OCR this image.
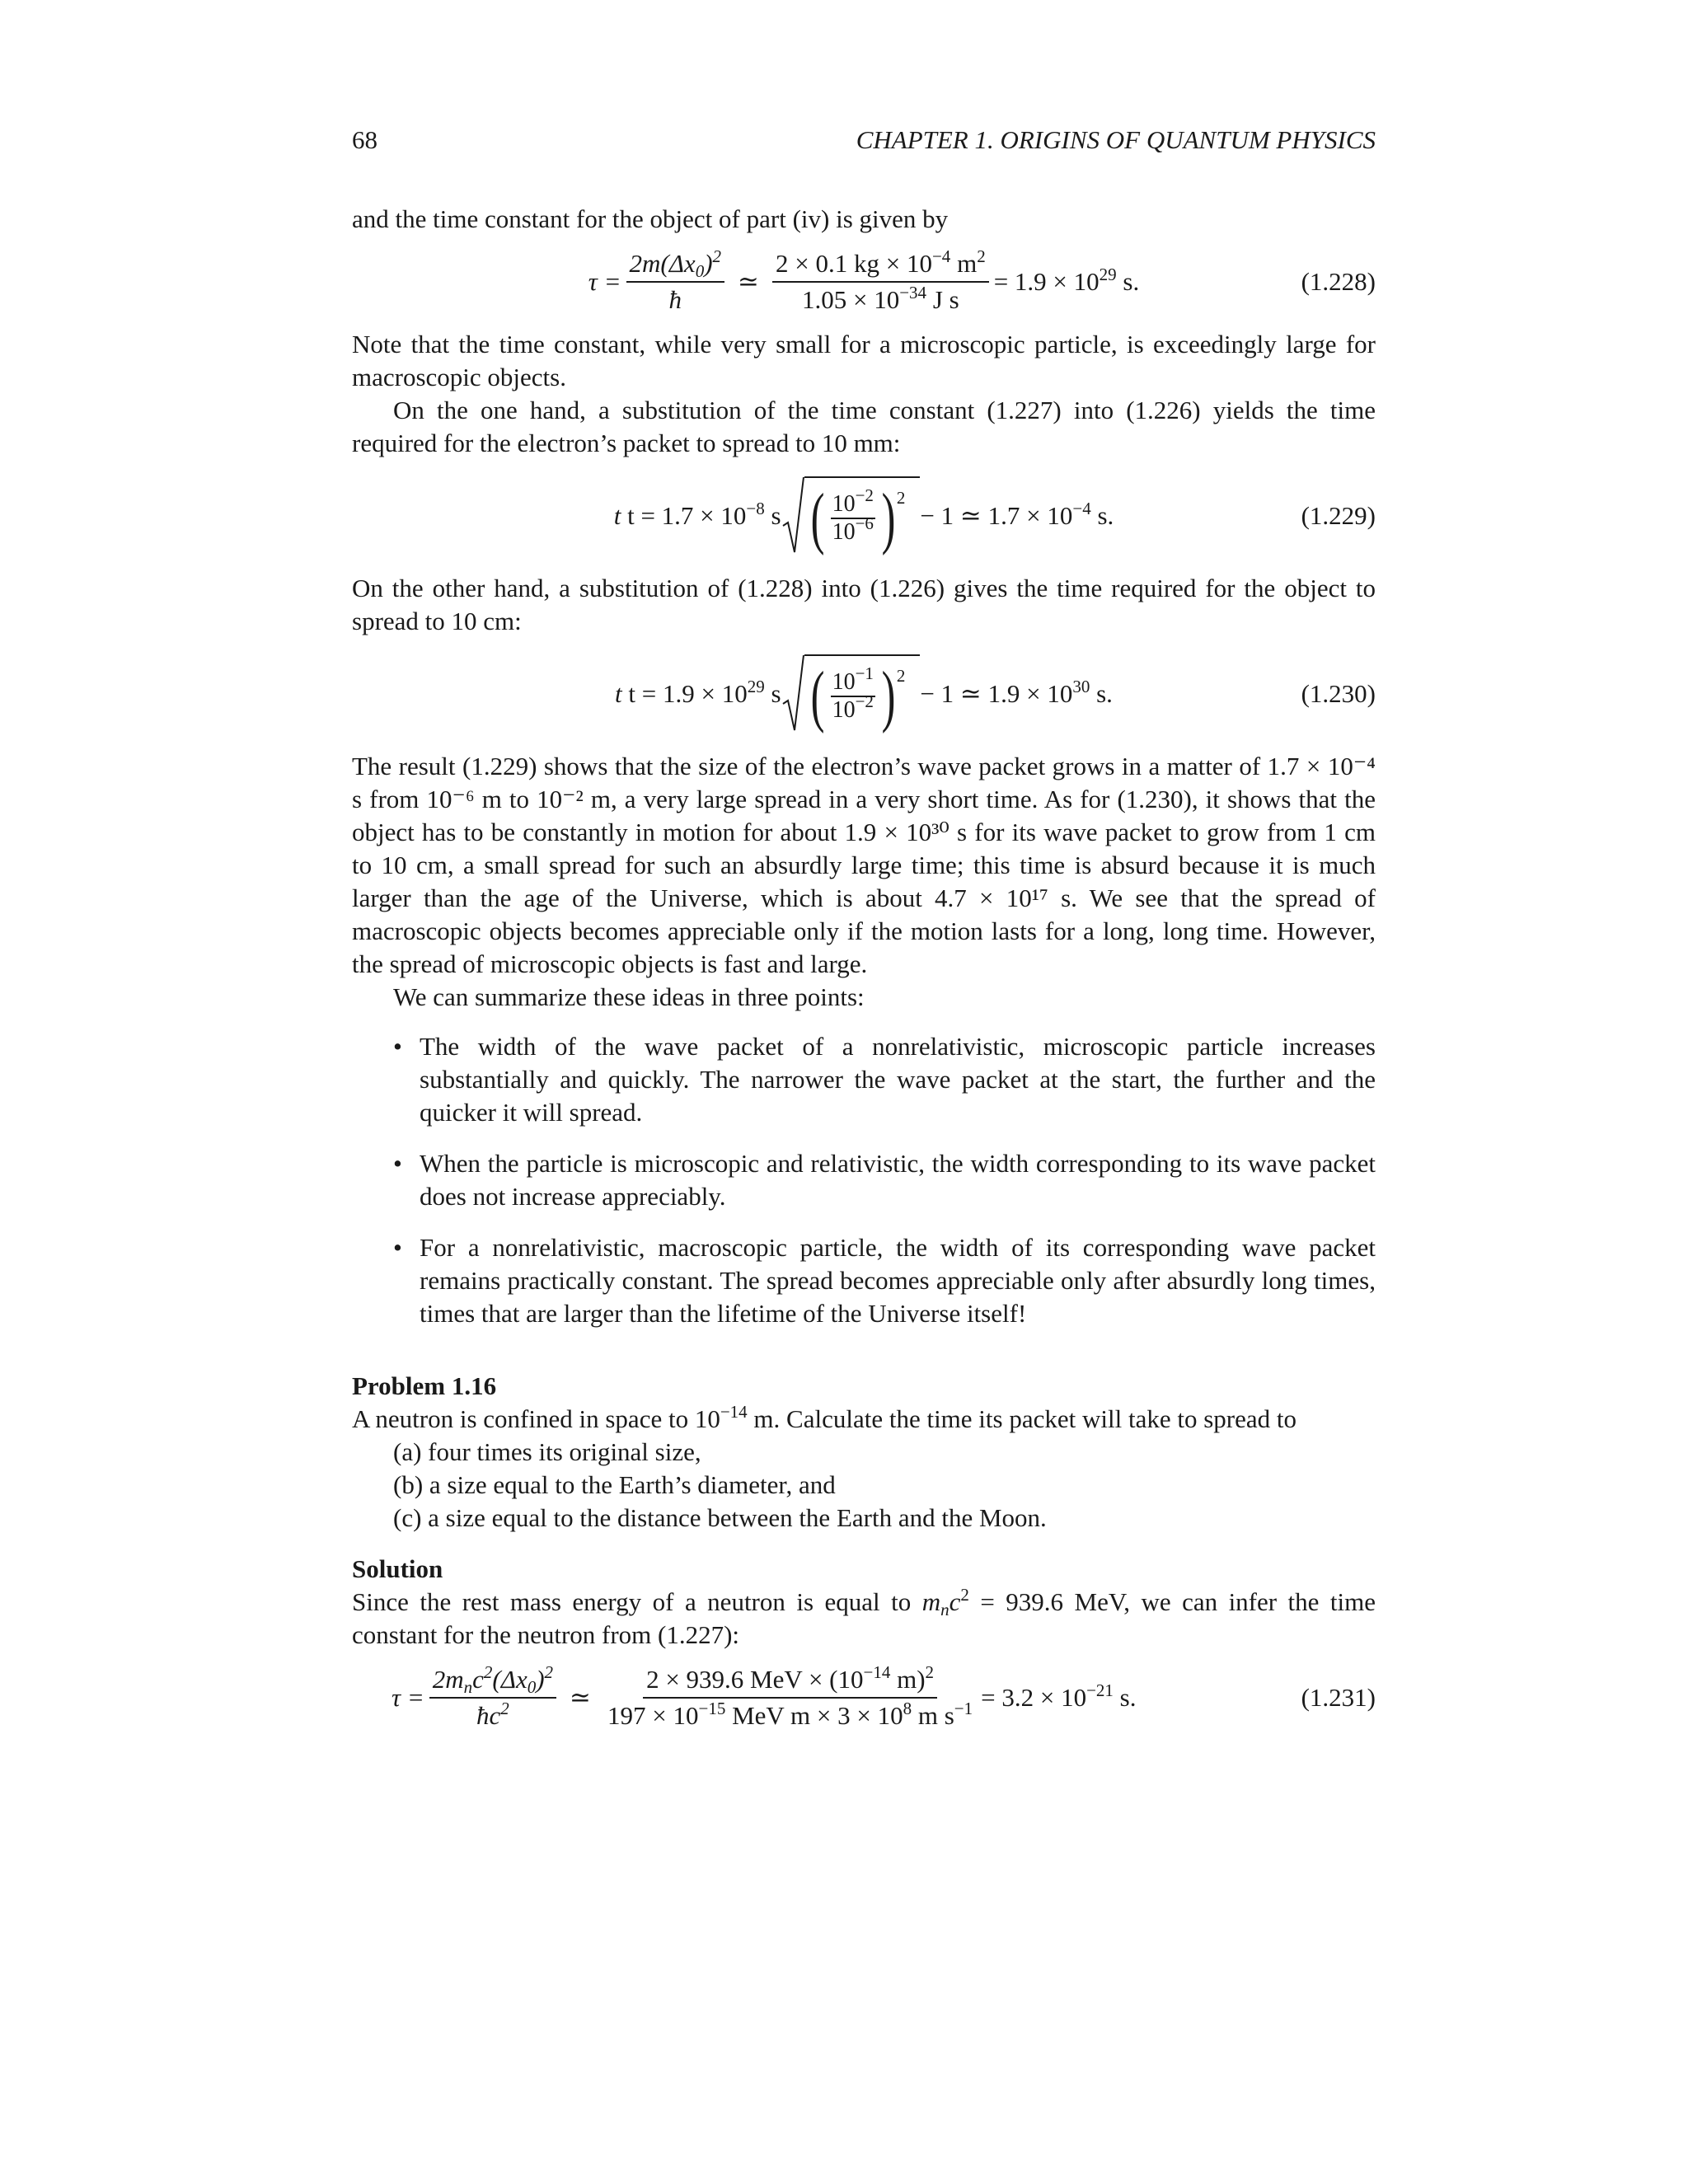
68	CHAPTER 1. ORIGINS OF QUANTUM PHYSICS

and the time constant for the object of part (iv) is given by

$\tau = \frac{2m(\Delta x_0)^2}{ħ}$ ≃ $\frac{2 \times 0.1 kg \times 10^{-4} m^2}{1.05 \times 10^{-34} J s} = 1.9 \times 10^{29}$ s.	(1.228)

Note that the time constant, while very small for a microscopic particle, is exceedingly large for macroscopic objects.

On the one hand, a substitution of the time constant (1.227) into (1.226) yields the time required for the electron’s packet to spread to 10 mm:

t $t = 1.7 \times 10^{-8}$ s ( $\frac{10^{-2}}{10^{-6}}$ ) 2
− 1 ≃ $1.7 \times 10^{-4}$ s.	(1.229)

On the other hand, a substitution of (1.228) into (1.226) gives the time required for the object to spread to 10 cm:

t $t = 1.9 \times 10^{29}$ s ( $\frac{10^{-1}}{10^{-2}}$ ) 2
− 1 ≃ $1.9 \times 10^{30}$ s.	(1.230)

The result (1.229) shows that the size of the electron’s wave packet grows in a matter of 1.7 × 10⁻⁴ s from 10⁻⁶ m to 10⁻² m, a very large spread in a very short time. As for (1.230), it shows that the object has to be constantly in motion for about 1.9 × 10³⁰ s for its wave packet to grow from 1 cm to 10 cm, a small spread for such an absurdly large time; this time is absurd because it is much larger than the age of the Universe, which is about 4.7 × 10¹⁷ s. We see that the spread of macroscopic objects becomes appreciable only if the motion lasts for a long, long time. However, the spread of microscopic objects is fast and large.

We can summarize these ideas in three points:

• The width of the wave packet of a nonrelativistic, microscopic particle increases substantially and quickly. The narrower the wave packet at the start, the further and the quicker it will spread.
• When the particle is microscopic and relativistic, the width corresponding to its wave packet does not increase appreciably.
• For a nonrelativistic, macroscopic particle, the width of its corresponding wave packet remains practically constant. The spread becomes appreciable only after absurdly long times, times that are larger than the lifetime of the Universe itself!

Problem 1.16

A neutron is confined in space to $10^{-14}$ m. Calculate the time its packet will take to spread to

(a) four times its original size,

(b) a size equal to the Earth’s diameter, and

(c) a size equal to the distance between the Earth and the Moon.

Solution

Since the rest mass energy of a neutron is equal to $m_nc^2 = 939.6$ MeV, we can infer the time constant for the neutron from (1.227):

$\tau = \frac{2m_nc^2(\Delta x_0)^2}{ħc^2}$ ≃ $\frac{2 \times 939.6 MeV \times (10^{-14} m)^2}{197 \times 10^{-15} MeV m \times 3 \times 10^8 m s^{-1}} = 3.2 \times 10^{-21}$ s.	(1.231)
